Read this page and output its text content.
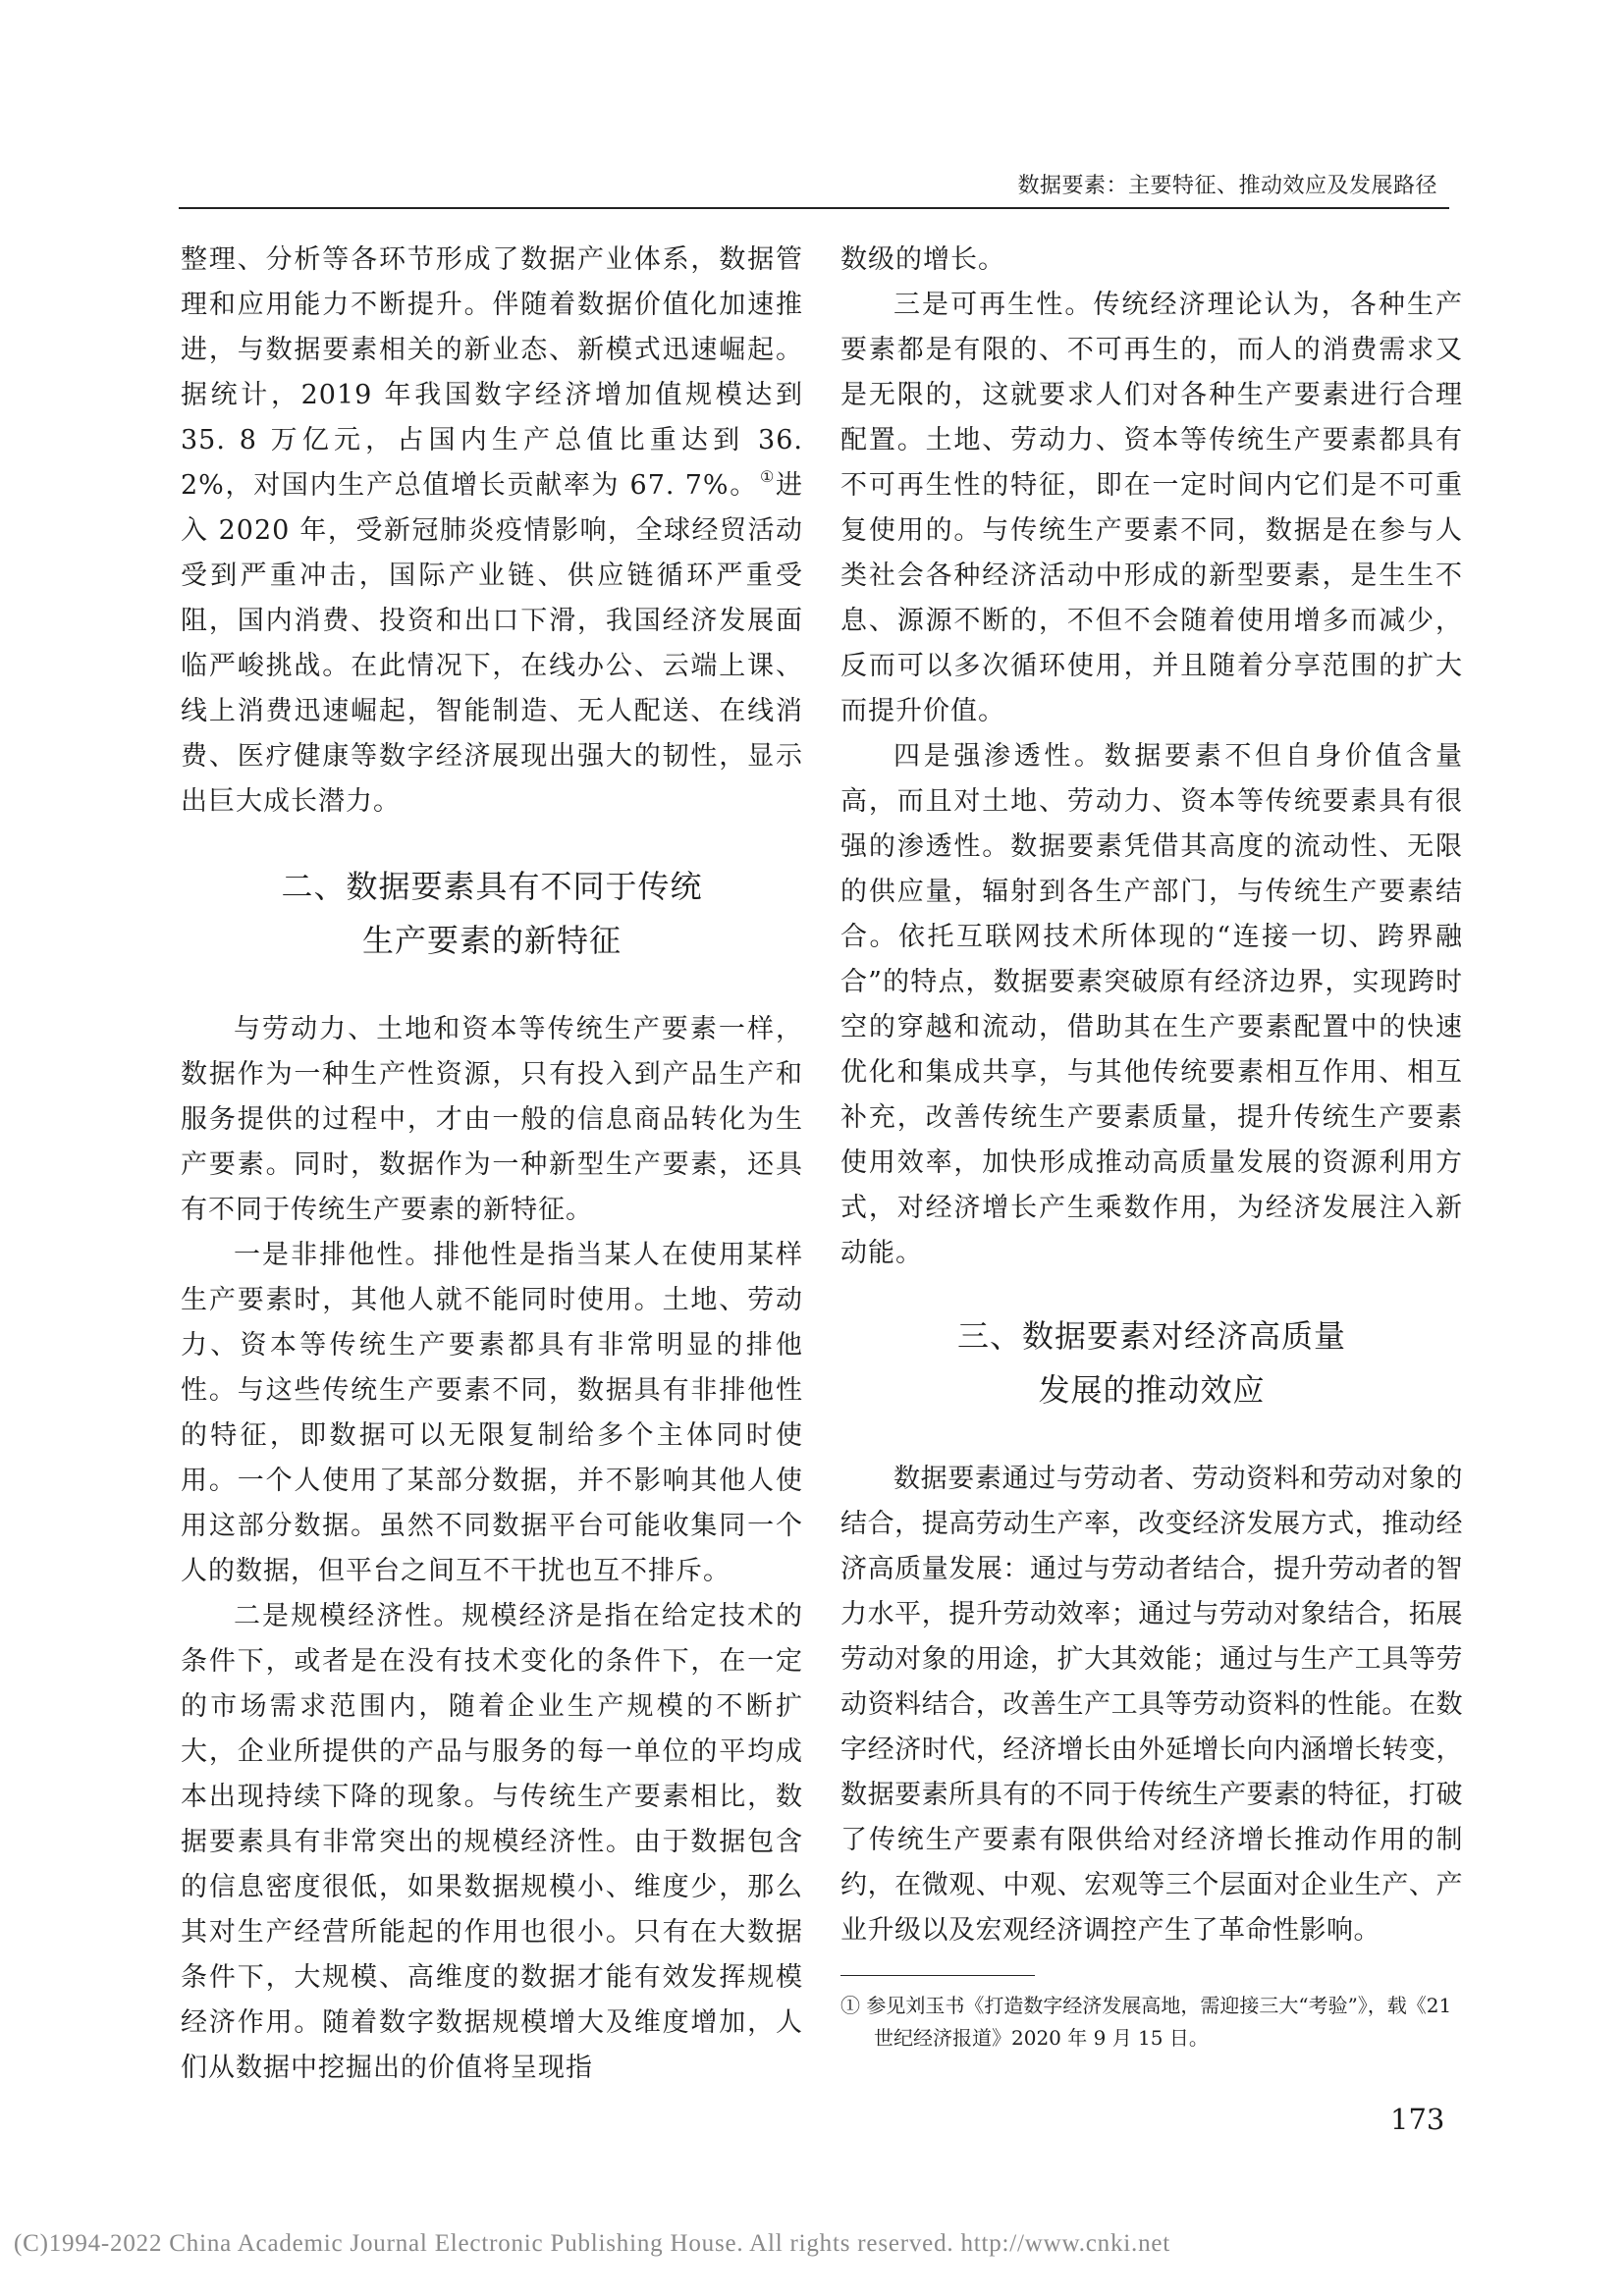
数据要素：主要特征、推动效应及发展路径

整理、分析等各环节形成了数据产业体系，数据管理和应用能力不断提升。伴随着数据价值化加速推进，与数据要素相关的新业态、新模式迅速崛起。据统计，2019 年我国数字经济增加值规模达到 35. 8 万亿元，占国内生产总值比重达到 36. 2%，对国内生产总值增长贡献率为 67. 7%。 ①进入 2020 年，受新冠肺炎疫情影响，全球经贸活动受到严重冲击，国际产业链、供应链循环严重受阻，国内消费、投资和出口下滑，我国经济发展面临严峻挑战。在此情况下，在线办公、云端上课、线上消费迅速崛起，智能制造、无人配送、在线消费、医疗健康等数字经济展现出强大的韧性，显示出巨大成长潜力。

二、数据要素具有不同于传统
生产要素的新特征

与劳动力、土地和资本等传统生产要素一样，数据作为一种生产性资源，只有投入到产品生产和服务提供的过程中，才由一般的信息商品转化为生产要素。同时，数据作为一种新型生产要素，还具有不同于传统生产要素的新特征。

一是非排他性。排他性是指当某人在使用某样生产要素时，其他人就不能同时使用。土地、劳动力、资本等传统生产要素都具有非常明显的排他性。与这些传统生产要素不同，数据具有非排他性的特征，即数据可以无限复制给多个主体同时使用。一个人使用了某部分数据，并不影响其他人使用这部分数据。虽然不同数据平台可能收集同一个人的数据，但平台之间互不干扰也互不排斥。

二是规模经济性。规模经济是指在给定技术的条件下，或者是在没有技术变化的条件下，在一定的市场需求范围内，随着企业生产规模的不断扩大，企业所提供的产品与服务的每一单位的平均成本出现持续下降的现象。与传统生产要素相比，数据要素具有非常突出的规模经济性。由于数据包含的信息密度很低，如果数据规模小、维度少，那么其对生产经营所能起的作用也很小。只有在大数据条件下，大规模、高维度的数据才能有效发挥规模经济作用。随着数字数据规模增大及维度增加，人们从数据中挖掘出的价值将呈现指

数级的增长。

三是可再生性。传统经济理论认为，各种生产要素都是有限的、不可再生的，而人的消费需求又是无限的，这就要求人们对各种生产要素进行合理配置。土地、劳动力、资本等传统生产要素都具有不可再生性的特征，即在一定时间内它们是不可重复使用的。与传统生产要素不同，数据是在参与人类社会各种经济活动中形成的新型要素，是生生不息、源源不断的，不但不会随着使用增多而减少，反而可以多次循环使用，并且随着分享范围的扩大而提升价值。

四是强渗透性。数据要素不但自身价值含量高，而且对土地、劳动力、资本等传统要素具有很强的渗透性。数据要素凭借其高度的流动性、无限的供应量，辐射到各生产部门，与传统生产要素结合。依托互联网技术所体现的“连接一切、跨界融合”的特点，数据要素突破原有经济边界，实现跨时空的穿越和流动，借助其在生产要素配置中的快速优化和集成共享，与其他传统要素相互作用、相互补充，改善传统生产要素质量，提升传统生产要素使用效率，加快形成推动高质量发展的资源利用方式，对经济增长产生乘数作用，为经济发展注入新动能。

三、数据要素对经济高质量
发展的推动效应

数据要素通过与劳动者、劳动资料和劳动对象的结合，提高劳动生产率，改变经济发展方式，推动经济高质量发展：通过与劳动者结合，提升劳动者的智力水平，提升劳动效率；通过与劳动对象结合，拓展劳动对象的用途，扩大其效能；通过与生产工具等劳动资料结合，改善生产工具等劳动资料的性能。在数字经济时代，经济增长由外延增长向内涵增长转变，数据要素所具有的不同于传统生产要素的特征，打破了传统生产要素有限供给对经济增长推动作用的制约，在微观、中观、宏观等三个层面对企业生产、产业升级以及宏观经济调控产生了革命性影响。

① 参见刘玉书《打造数字经济发展高地，需迎接三大“考验”》，载《21 世纪经济报道》2020 年 9 月 15 日。
173
(C)1994-2022 China Academic Journal Electronic Publishing House. All rights reserved. http://www.cnki.net
